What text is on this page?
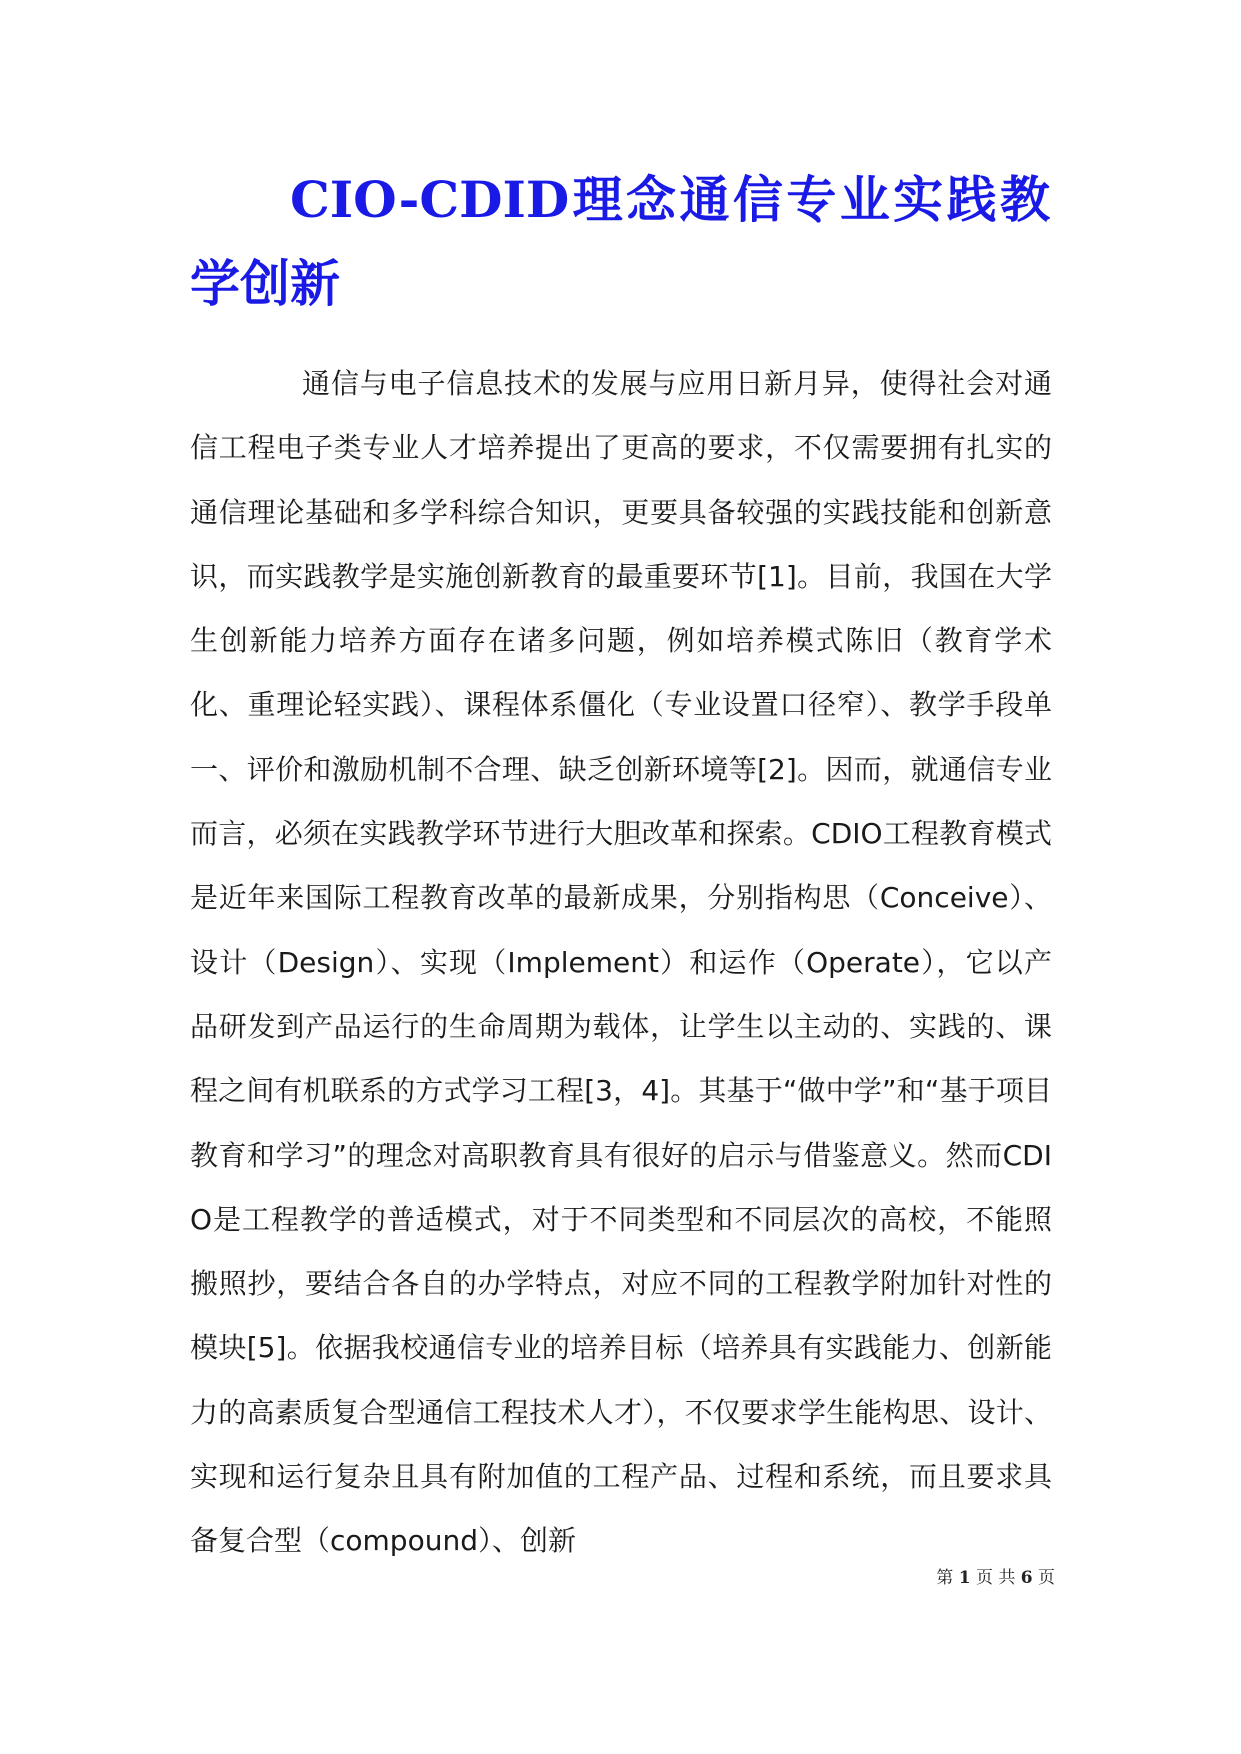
CIO-CDID理念通信专业实践教学创新

通信与电子信息技术的发展与应用日新月异，使得社会对通信工程电子类专业人才培养提出了更高的要求，不仅需要拥有扎实的通信理论基础和多学科综合知识，更要具备较强的实践技能和创新意识，而实践教学是实施创新教育的最重要环节[1]。目前，我国在大学生创新能力培养方面存在诸多问题，例如培养模式陈旧（教育学术化、重理论轻实践）、课程体系僵化（专业设置口径窄）、教学手段单一、评价和激励机制不合理、缺乏创新环境等[2]。因而，就通信专业而言，必须在实践教学环节进行大胆改革和探索。CDIO工程教育模式是近年来国际工程教育改革的最新成果，分别指构思（Conceive）、设计（Design）、实现（Implement）和运作（Operate），它以产品研发到产品运行的生命周期为载体，让学生以主动的、实践的、课程之间有机联系的方式学习工程[3，4]。其基于“做中学”和“基于项目教育和学习”的理念对高职教育具有很好的启示与借鉴意义。然而CDIO是工程教学的普适模式，对于不同类型和不同层次的高校，不能照搬照抄，要结合各自的办学特点，对应不同的工程教学附加针对性的模块[5]。依据我校通信专业的培养目标（培养具有实践能力、创新能力的高素质复合型通信工程技术人才），不仅要求学生能构思、设计、实现和运行复杂且具有附加值的工程产品、过程和系统，而且要求具备复合型（compound）、创新

第 1 页 共 6 页
